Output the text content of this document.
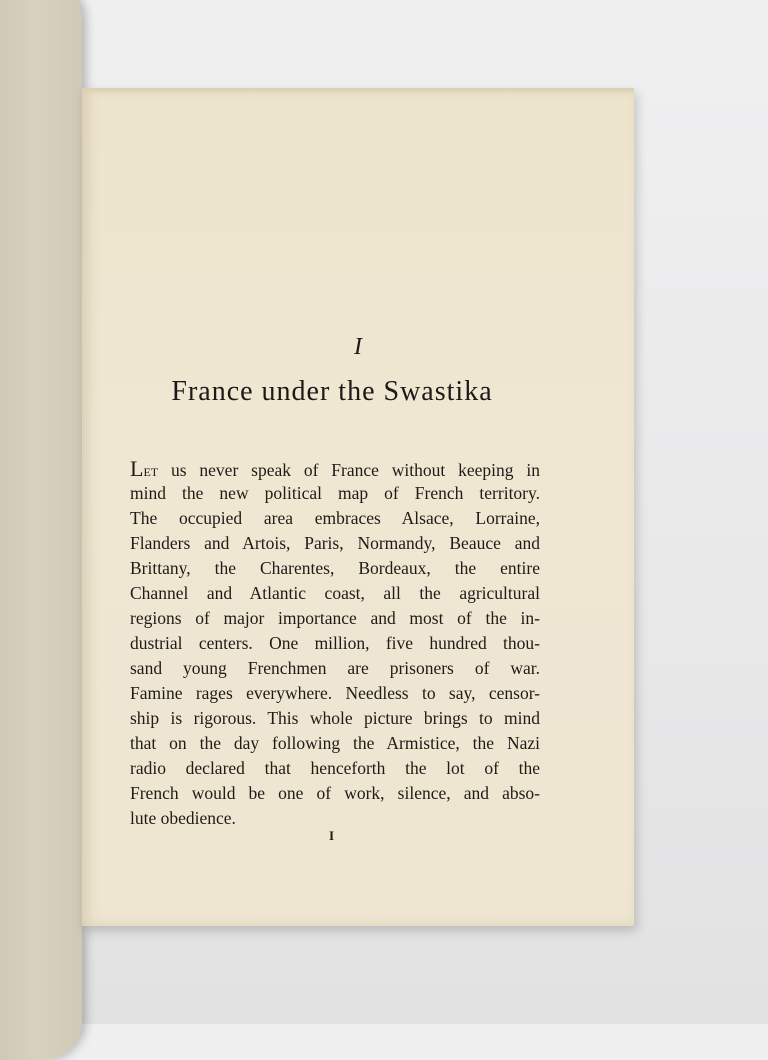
I
France under the Swastika
Let us never speak of France without keeping in
mind the new political map of French territory.
The occupied area embraces Alsace, Lorraine,
Flanders and Artois, Paris, Normandy, Beauce and
Brittany, the Charentes, Bordeaux, the entire
Channel and Atlantic coast, all the agricultural
regions of major importance and most of the in-
dustrial centers. One million, five hundred thou-
sand young Frenchmen are prisoners of war.
Famine rages everywhere. Needless to say, censor-
ship is rigorous. This whole picture brings to mind
that on the day following the Armistice, the Nazi
radio declared that henceforth the lot of the
French would be one of work, silence, and abso-
lute obedience.
I
